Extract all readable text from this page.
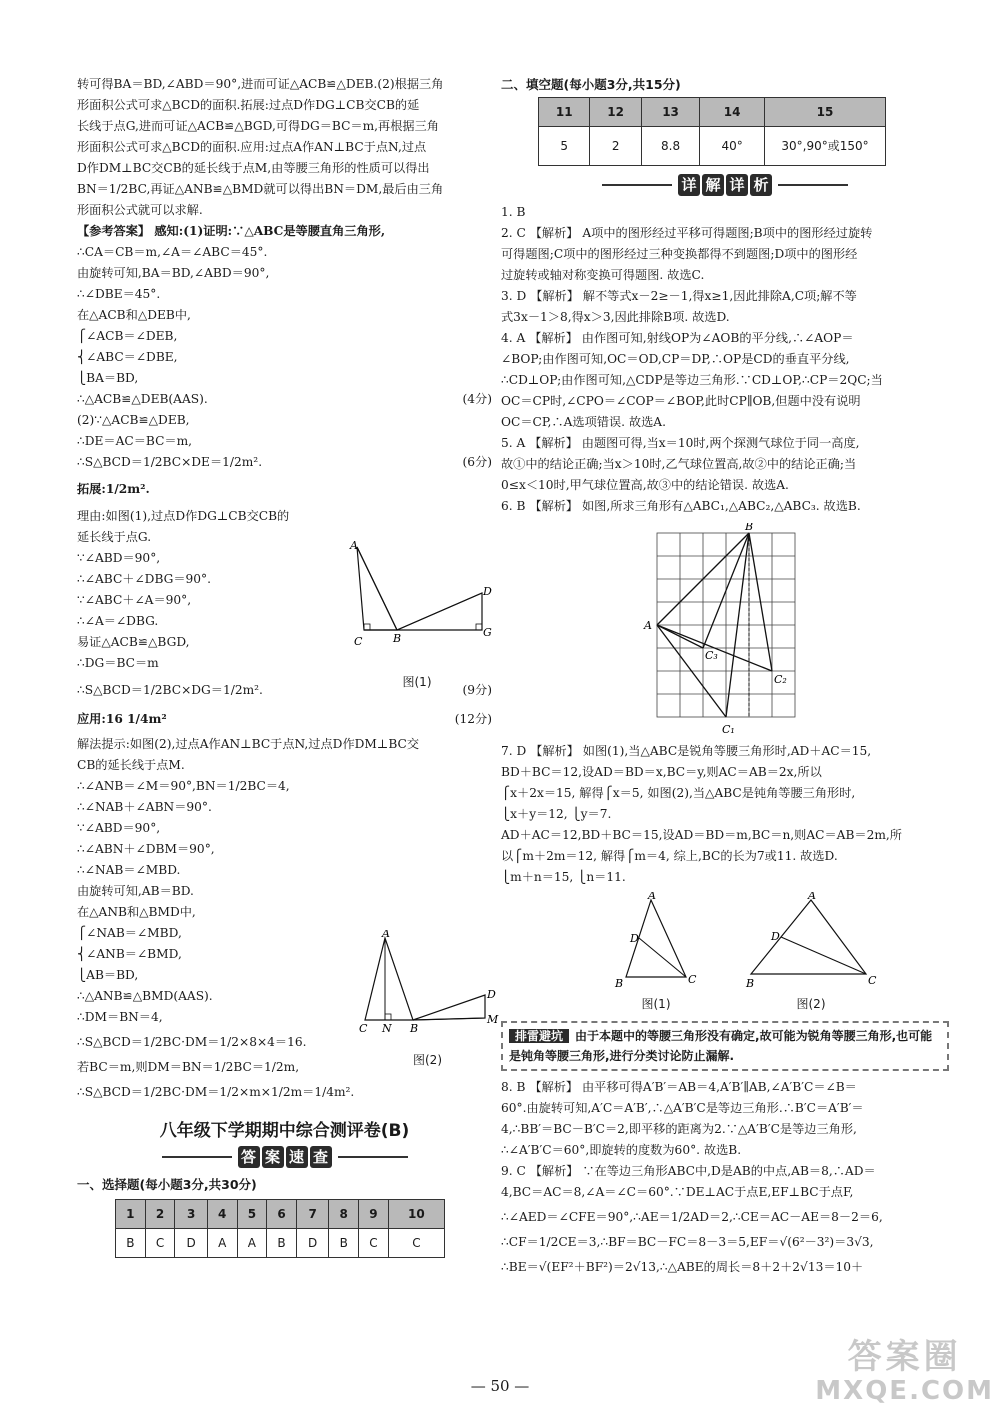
转可得BA＝BD,∠ABD＝90°,进而可证△ACB≌△DEB.(2)根据三角
形面积公式可求△BCD的面积.拓展:过点D作DG⊥CB交CB的延
长线于点G,进而可证△ACB≌△BGD,可得DG＝BC＝m,再根据三角
形面积公式可求△BCD的面积.应用:过点A作AN⊥BC于点N,过点
D作DM⊥BC交CB的延长线于点M,由等腰三角形的性质可以得出
BN＝1/2BC,再证△ANB≌△BMD就可以得出BN＝DM,最后由三角
形面积公式就可以求解.
【参考答案】 感知:(1)证明:∵△ABC是等腰直角三角形,
∴CA＝CB＝m,∠A＝∠ABC＝45°.
由旋转可知,BA＝BD,∠ABD＝90°,
∴∠DBE＝45°.
在△ACB和△DEB中,
⎧∠ACB＝∠DEB,
⎨∠ABC＝∠DBE,
⎩BA＝BD,
∴△ACB≌△DEB(AAS).	(4分)
(2)∵△ACB≌△DEB,
∴DE＝AC＝BC＝m,
∴S△BCD＝1/2BC×DE＝1/2m².	(6分)
拓展:1/2m².
理由:如图(1),过点D作DG⊥CB交CB的
延长线于点G.
∵∠ABD＝90°,
∴∠ABC＋∠DBG＝90°.
∵∠ABC＋∠A＝90°,
∴∠A＝∠DBG.
易证△ACB≌△BGD,
∴DG＝BC＝m
∴S△BCD＝1/2BC×DG＝1/2m².	(9分)
应用:16 1/4m²	(12分)
解法提示:如图(2),过点A作AN⊥BC于点N,过点D作DM⊥BC交
CB的延长线于点M.
∴∠ANB＝∠M＝90°,BN＝1/2BC＝4,
∴∠NAB＋∠ABN＝90°.
∵∠ABD＝90°,
∴∠ABN＋∠DBM＝90°,
∴∠NAB＝∠MBD.
由旋转可知,AB＝BD.
在△ANB和△BMD中,
⎧∠NAB＝∠MBD,
⎨∠ANB＝∠BMD,
⎩AB＝BD,
∴△ANB≌△BMD(AAS).
∴DM＝BN＝4,
∴S△BCD＝1/2BC·DM＝1/2×8×4＝16.
若BC＝m,则DM＝BN＝1/2BC＝1/2m,
∴S△BCD＝1/2BC·DM＝1/2×m×1/2m＝1/4m².
八年级下学期期中综合测评卷(B)
答 案 速 查
一、选择题(每小题3分,共30分)
1	2	3	4	5	6	7	8	9	10
B	C	D	A	A	B	D	B	C	C
A
C	B
D
G
图(1)
A
C N B
D
M
图(2)
二、填空题(每小题3分,共15分)
11	12	13	14	15
5	2	8.8	40°	30°,90°或150°
详 解 详 析
1. B
2. C 【解析】 A项中的图形经过平移可得题图;B项中的图形经过旋转
可得题图;C项中的图形经过三种变换都得不到题图;D项中的图形经
过旋转或轴对称变换可得题图. 故选C.
3. D 【解析】 解不等式x－2≥－1,得x≥1,因此排除A,C项;解不等
式3x－1＞8,得x＞3,因此排除B项. 故选D.
4. A 【解析】 由作图可知,射线OP为∠AOB的平分线,∴∠AOP＝
∠BOP;由作图可知,OC＝OD,CP＝DP,∴OP是CD的垂直平分线,
∴CD⊥OP;由作图可知,△CDP是等边三角形.∵CD⊥OP,∴CP＝2QC;当
OC＝CP时,∠CPO＝∠COP＝∠BOP,此时CP∥OB,但题中没有说明
OC＝CP,∴A选项错误. 故选A.
5. A 【解析】 由题图可得,当x＝10时,两个探测气球位于同一高度,
故①中的结论正确;当x＞10时,乙气球位置高,故②中的结论正确;当
0≤x＜10时,甲气球位置高,故③中的结论错误. 故选A.
6. B 【解析】 如图,所求三角形有△ABC₁,△ABC₂,△ABC₃. 故选B.
A
B
C₃
C₂
C₁
7. D 【解析】 如图(1),当△ABC是锐角等腰三角形时,AD＋AC＝15,
BD＋BC＝12,设AD＝BD＝x,BC＝y,则AC＝AB＝2x,所以
⎧x＋2x＝15, 解得⎧x＝5, 如图(2),当△ABC是钝角等腰三角形时,
⎩x＋y＝12, ⎩y＝7.
AD＋AC＝12,BD＋BC＝15,设AD＝BD＝m,BC＝n,则AC＝AB＝2m,所
以⎧m＋2m＝12, 解得⎧m＝4, 综上,BC的长为7或11. 故选D.
⎩m＋n＝15, ⎩n＝11.
A
D
B	C
图(1)
A
D
B	C
图(2)
排雷避坑 由于本题中的等腰三角形没有确定,故可能为锐角等腰三角形,也可能是钝角等腰三角形,进行分类讨论防止漏解.
8. B 【解析】 由平移可得A′B′＝AB＝4,A′B′∥AB,∠A′B′C＝∠B＝
60°.由旋转可知,A′C＝A′B′,∴△A′B′C是等边三角形.∴B′C＝A′B′＝
4,∴BB′＝BC－B′C＝2,即平移的距离为2.∵△A′B′C是等边三角形,
∴∠A′B′C＝60°,即旋转的度数为60°. 故选B.
9. C 【解析】 ∵在等边三角形ABC中,D是AB的中点,AB＝8,∴AD＝
4,BC＝AC＝8,∠A＝∠C＝60°.∵DE⊥AC于点E,EF⊥BC于点F,
∴∠AED＝∠CFE＝90°,∴AE＝1/2AD＝2,∴CE＝AC－AE＝8－2＝6,
∴CF＝1/2CE＝3,∴BF＝BC－FC＝8－3＝5,EF＝√(6²－3²)＝3√3,
∴BE＝√(EF²＋BF²)＝2√13,∴△ABE的周长＝8＋2＋2√13＝10＋
— 50 —
答案圈
MXQE.COM
